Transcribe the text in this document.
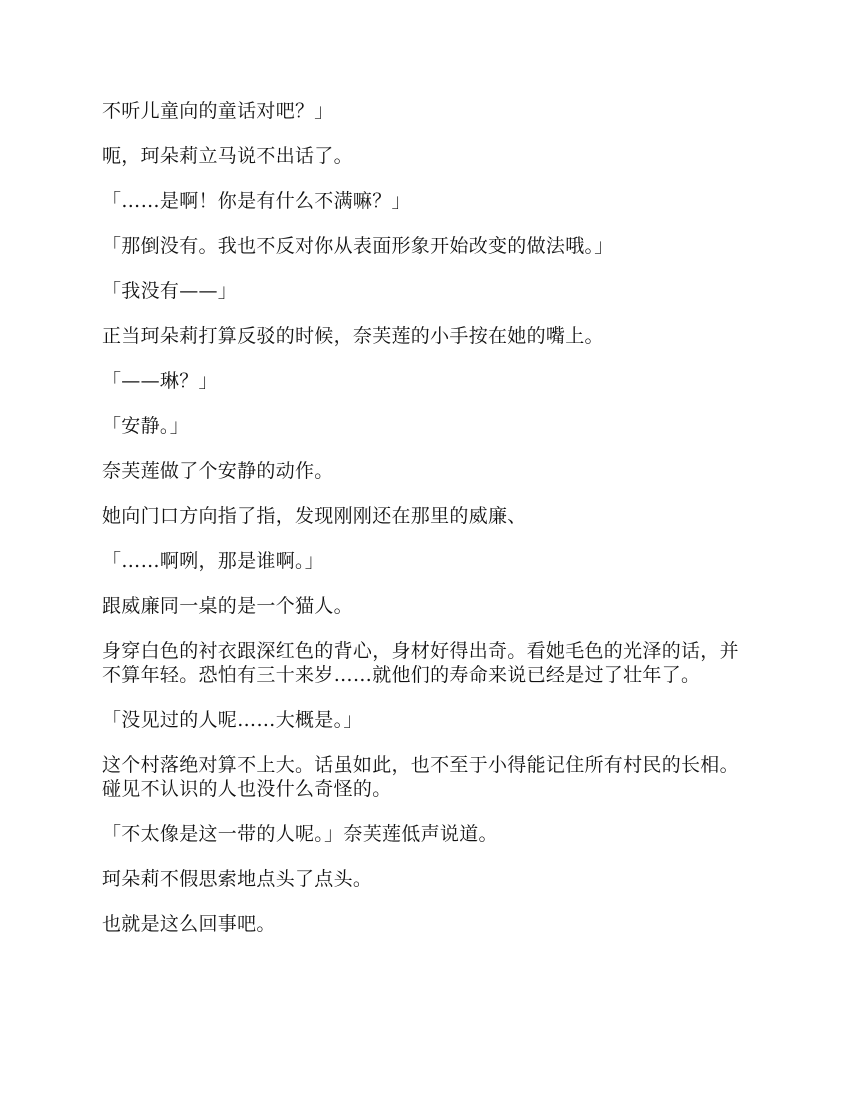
不听儿童向的童话对吧？」

呃，珂朵莉立马说不出话了。

「……是啊！你是有什么不满嘛？」

「那倒没有。我也不反对你从表面形象开始改变的做法哦。」

「我没有——」

正当珂朵莉打算反驳的时候，奈芙莲的小手按在她的嘴上。

「——琳？」

「安静。」

奈芙莲做了个安静的动作。

她向门口方向指了指，发现刚刚还在那里的威廉、

「……啊咧，那是谁啊。」

跟威廉同一桌的是一个猫人。

身穿白色的衬衣跟深红色的背心，身材好得出奇。看她毛色的光泽的话，并不算年轻。恐怕有三十来岁……就他们的寿命来说已经是过了壮年了。

「没见过的人呢……大概是。」

这个村落绝对算不上大。话虽如此，也不至于小得能记住所有村民的长相。碰见不认识的人也没什么奇怪的。

「不太像是这一带的人呢。」奈芙莲低声说道。

珂朵莉不假思索地点头了点头。

也就是这么回事吧。
